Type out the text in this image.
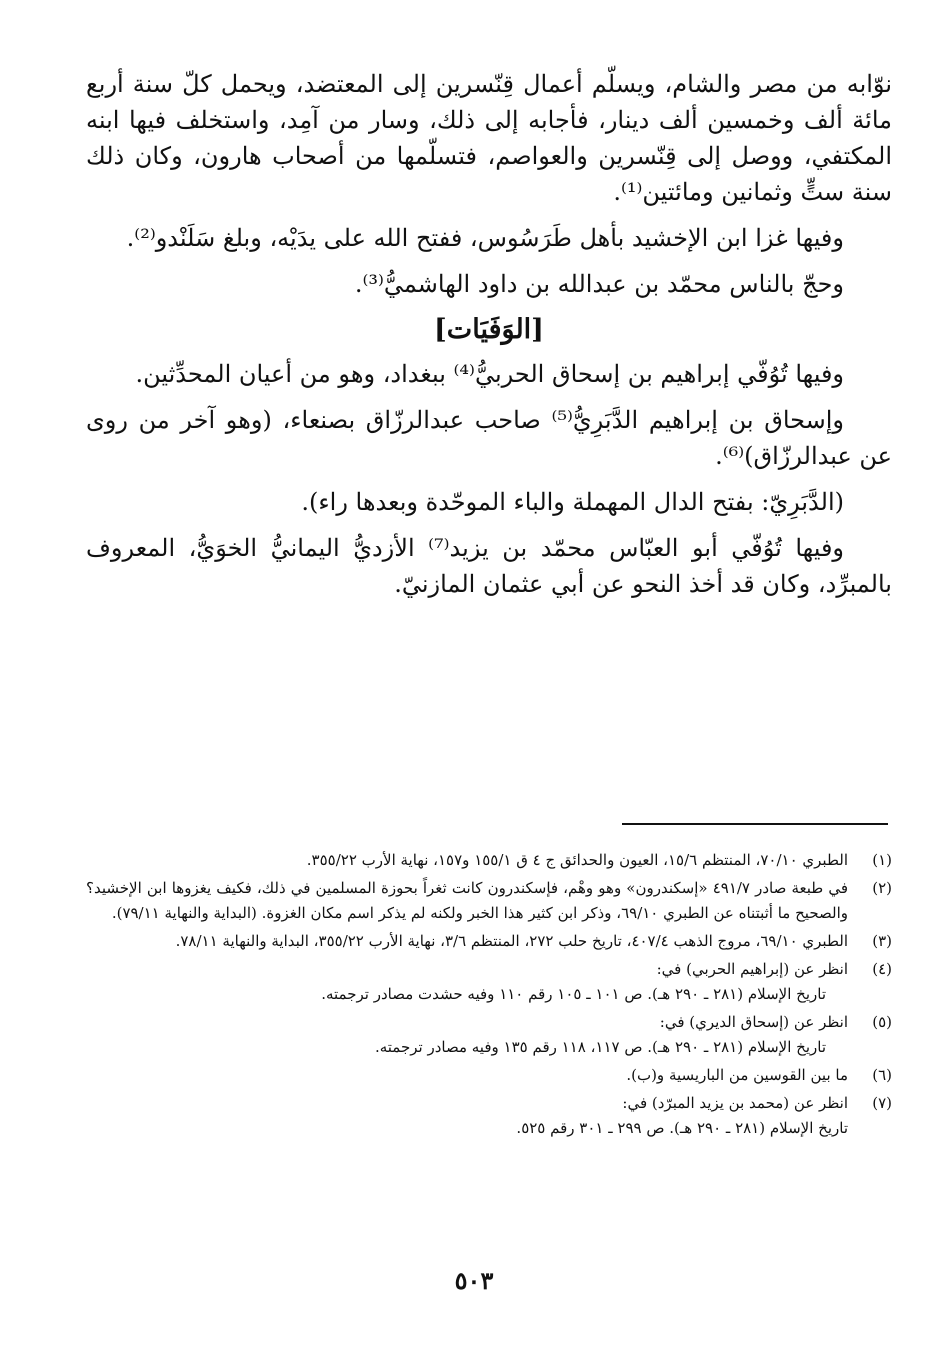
نوّابه من مصر والشام، ويسلّم أعمال قِنّسرين إلى المعتضد، ويحمل كلّ سنة أربع مائة ألف وخمسين ألف دينار، فأجابه إلى ذلك، وسار من آمِد، واستخلف فيها ابنه المكتفي، ووصل إلى قِنّسرين والعواصم، فتسلّمها من أصحاب هارون، وكان ذلك سنة ستٍّ وثمانين ومائتين⁽¹⁾.

وفيها غزا ابن الإخشيد بأهل طَرَسُوس، ففتح الله على يدَيْه، وبلغ سَلَنْدو⁽²⁾.

وحجّ بالناس محمّد بن عبدالله بن داود الهاشميُّ⁽³⁾.

[الوَفَيَات]

وفيها تُوُفّي إبراهيم بن إسحاق الحربيُّ⁽⁴⁾ ببغداد، وهو من أعيان المحدِّثين.

وإسحاق بن إبراهيم الدَّبَرِيُّ⁽⁵⁾ صاحب عبدالرزّاق بصنعاء، (وهو آخر من روى عن عبدالرزّاق)⁽⁶⁾.

(الدَّبَرِيّ: بفتح الدال المهملة والباء الموحّدة وبعدها راء).

وفيها تُوُفّي أبو العبّاس محمّد بن يزيد⁽⁷⁾ الأزديُّ اليمانيُّ الخوَيُّ، المعروف بالمبرِّد، وكان قد أخذ النحو عن أبي عثمان المازنيّ.

(١)
الطبري ٧٠/١٠، المنتظم ١٥/٦، العيون والحدائق ج ٤ ق ١٥٥/١ و١٥٧، نهاية الأرب ٣٥٥/٢٢.
(٢)
في طبعة صادر ٤٩١/٧ «إسكندرون» وهو وهْم، فإسكندرون كانت ثغراً بحوزة المسلمين في ذلك، فكيف يغزوها ابن الإخشيد؟ والصحيح ما أثبتناه عن الطبري ٦٩/١٠، وذكر ابن كثير هذا الخبر ولكنه لم يذكر اسم مكان الغزوة. (البداية والنهاية ٧٩/١١).
(٣)
الطبري ٦٩/١٠، مروج الذهب ٤٠٧/٤، تاريخ حلب ٢٧٢، المنتظم ٣/٦، نهاية الأرب ٣٥٥/٢٢، البداية والنهاية ٧٨/١١.
(٤)
انظر عن (إبراهيم الحربي) في:
تاريخ الإسلام (٢٨١ ـ ٢٩٠ هـ). ص ١٠١ ـ ١٠٥ رقم ١١٠ وفيه حشدت مصادر ترجمته.
(٥)
انظر عن (إسحاق الديري) في:
تاريخ الإسلام (٢٨١ ـ ٢٩٠ هـ). ص ١١٧، ١١٨ رقم ١٣٥ وفيه مصادر ترجمته.
(٦)
ما بين القوسين من الباريسية و(ب).
(٧)
انظر عن (محمد بن يزيد المبرّد) في:
تاريخ الإسلام (٢٨١ ـ ٢٩٠ هـ). ص ٢٩٩ ـ ٣٠١ رقم ٥٢٥.
٥٠٣
